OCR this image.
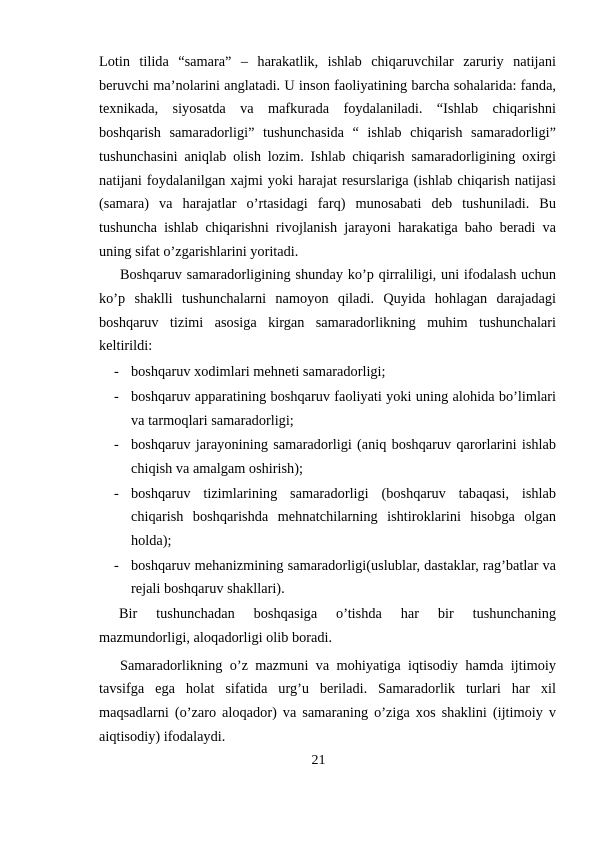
Lotin tilida “samara” – harakatlik, ishlab chiqaruvchilar zaruriy natijani beruvchi ma’nolarini anglatadi. U inson faoliyatining barcha sohalarida: fanda, texnikada, siyosatda va mafkurada foydalaniladi. “Ishlab chiqarishni boshqarish samaradorligi” tushunchasida “ ishlab chiqarish samaradorligi” tushunchasini aniqlab olish lozim. Ishlab chiqarish samaradorligining oxirgi natijani foydalanilgan xajmi yoki harajat resurslariga (ishlab chiqarish natijasi (samara) va harajatlar o’rtasidagi farq) munosabati deb tushuniladi. Bu tushuncha ishlab chiqarishni rivojlanish jarayoni harakatiga baho beradi va uning sifat o’zgarishlarini yoritadi.

Boshqaruv samaradorligining shunday ko’p qirraliligi, uni ifodalash uchun ko’p shaklli tushunchalarni namoyon qiladi. Quyida hohlagan darajadagi boshqaruv tizimi asosiga kirgan samaradorlikning muhim tushunchalari keltirildi:

- boshqaruv xodimlari mehneti samaradorligi;
- boshqaruv apparatining boshqaruv faoliyati yoki uning alohida bo’limlari va tarmoqlari samaradorligi;
- boshqaruv jarayonining samaradorligi (aniq boshqaruv qarorlarini ishlab chiqish va amalgam oshirish);
- boshqaruv tizimlarining samaradorligi (boshqaruv tabaqasi, ishlab chiqarish boshqarishda mehnatchilarning ishtiroklarini hisobga olgan holda);
- boshqaruv mehanizmining samaradorligi(uslublar, dastaklar, rag’batlar va rejali boshqaruv shakllari).

Bir tushunchadan boshqasiga o’tishda har bir tushunchaning mazmundorligi, aloqadorligi olib boradi.

Samaradorlikning o’z mazmuni va mohiyatiga iqtisodiy hamda ijtimoiy tavsifga ega holat sifatida urg’u beriladi. Samaradorlik turlari har xil maqsadlarni (o’zaro aloqador) va samaraning o’ziga xos shaklini (ijtimoiy v aiqtisodiy) ifodalaydi.

21
